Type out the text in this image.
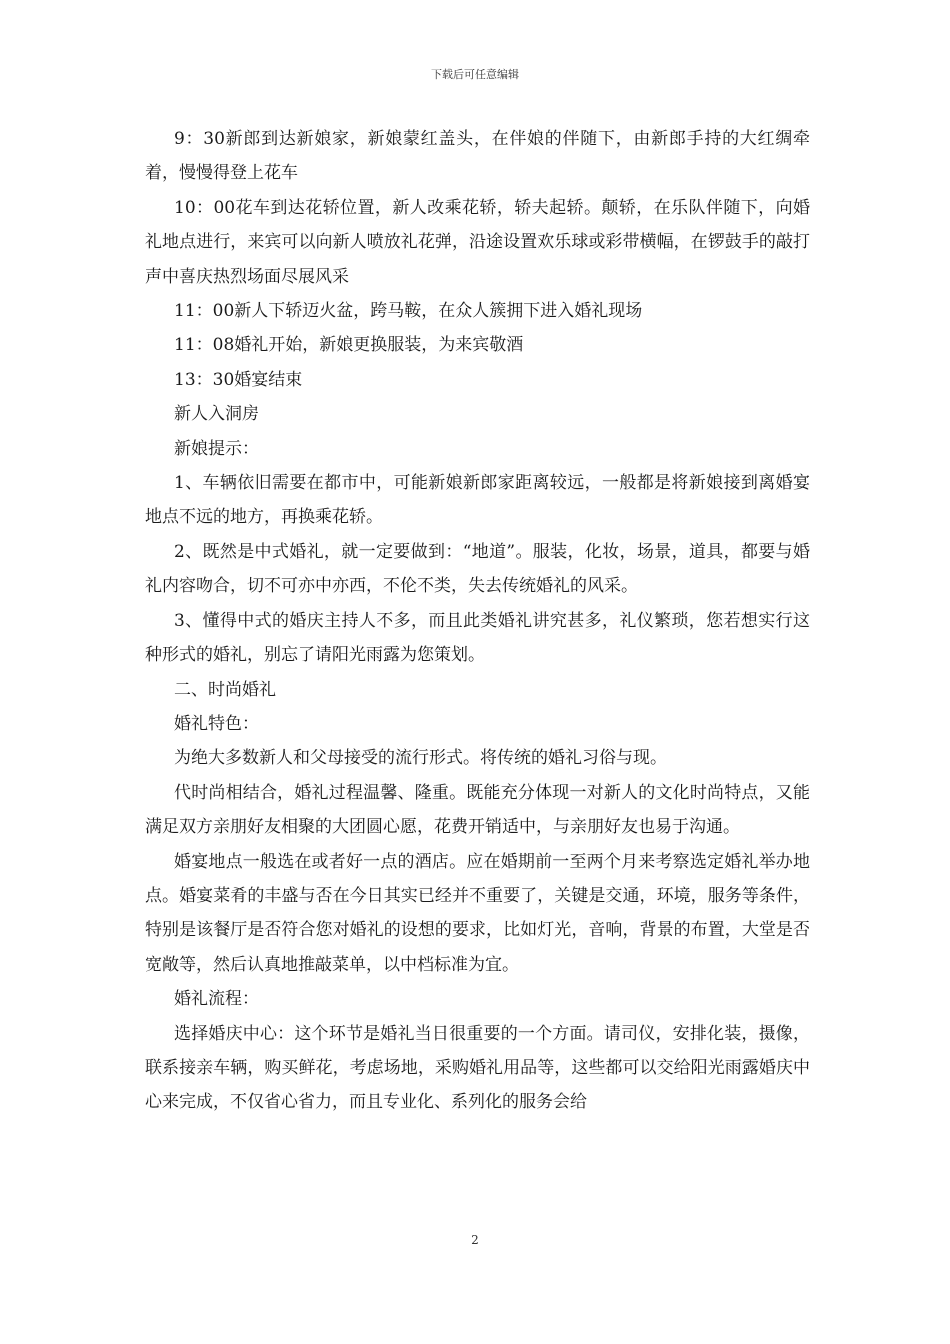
下载后可任意编辑

9：30新郎到达新娘家，新娘蒙红盖头，在伴娘的伴随下，由新郎手持的大红绸牵着，慢慢得登上花车

10：00花车到达花轿位置，新人改乘花轿，轿夫起轿。颠轿，在乐队伴随下，向婚礼地点进行，来宾可以向新人喷放礼花弹，沿途设置欢乐球或彩带横幅，在锣鼓手的敲打声中喜庆热烈场面尽展风采

11：00新人下轿迈火盆，跨马鞍，在众人簇拥下进入婚礼现场

11：08婚礼开始，新娘更换服装，为来宾敬酒

13：30婚宴结束

新人入洞房

新娘提示：

1、车辆依旧需要在都市中，可能新娘新郎家距离较远，一般都是将新娘接到离婚宴地点不远的地方，再换乘花轿。

2、既然是中式婚礼，就一定要做到：“地道”。服装，化妆，场景，道具，都要与婚礼内容吻合，切不可亦中亦西，不伦不类，失去传统婚礼的风采。

3、懂得中式的婚庆主持人不多，而且此类婚礼讲究甚多，礼仪繁琐，您若想实行这种形式的婚礼，别忘了请阳光雨露为您策划。

二、时尚婚礼

婚礼特色：

为绝大多数新人和父母接受的流行形式。将传统的婚礼习俗与现。

代时尚相结合，婚礼过程温馨、隆重。既能充分体现一对新人的文化时尚特点，又能满足双方亲朋好友相聚的大团圆心愿，花费开销适中，与亲朋好友也易于沟通。

婚宴地点一般选在或者好一点的酒店。应在婚期前一至两个月来考察选定婚礼举办地点。婚宴菜肴的丰盛与否在今日其实已经并不重要了，关键是交通，环境，服务等条件，特别是该餐厅是否符合您对婚礼的设想的要求，比如灯光，音响，背景的布置，大堂是否宽敞等，然后认真地推敲菜单，以中档标准为宜。

婚礼流程：

选择婚庆中心：这个环节是婚礼当日很重要的一个方面。请司仪，安排化装，摄像，联系接亲车辆，购买鲜花，考虑场地，采购婚礼用品等，这些都可以交给阳光雨露婚庆中心来完成，不仅省心省力，而且专业化、系列化的服务会给

2
